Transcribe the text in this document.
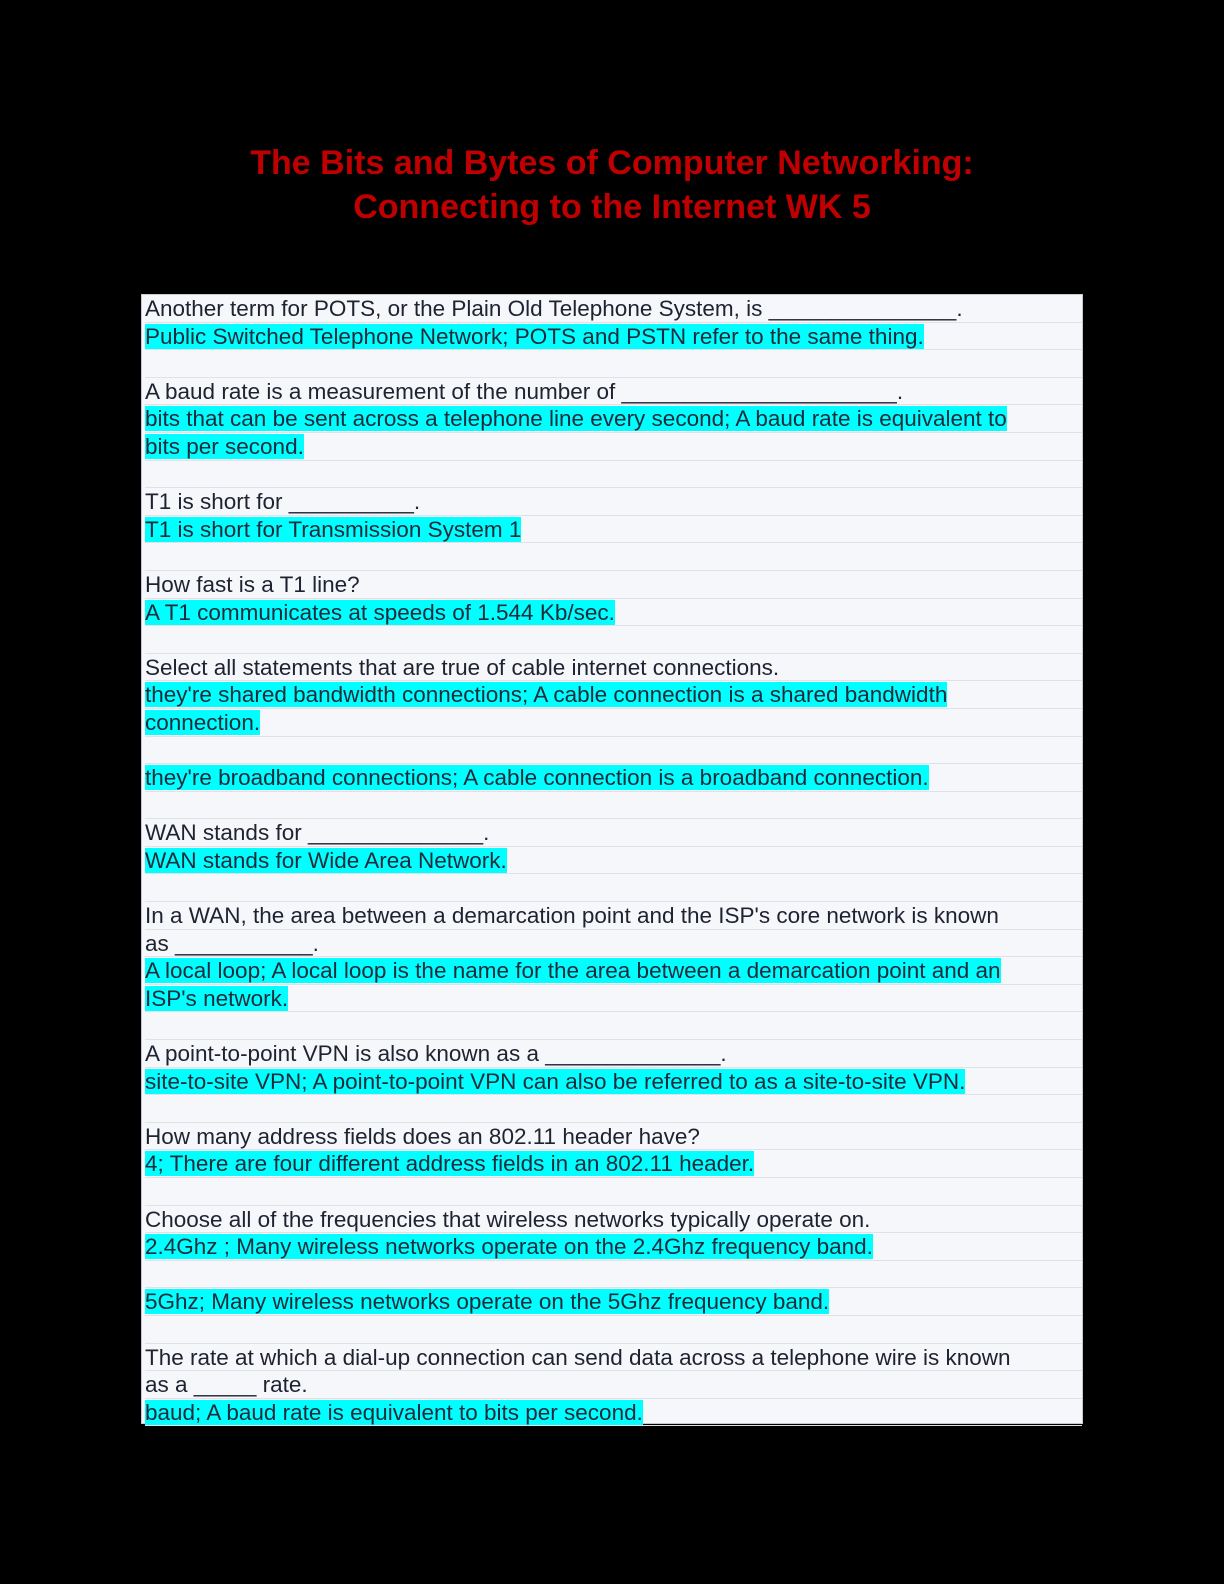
The Bits and Bytes of Computer Networking:
Connecting to the Internet WK 5
Another term for POTS, or the Plain Old Telephone System, is _______________.
Public Switched Telephone Network; POTS and PSTN refer to the same thing.
A baud rate is a measurement of the number of ______________________.
bits that can be sent across a telephone line every second; A baud rate is equivalent to
bits per second.
T1 is short for __________.
T1 is short for Transmission System 1
How fast is a T1 line?
A T1 communicates at speeds of 1.544 Kb/sec.
Select all statements that are true of cable internet connections.
they're shared bandwidth connections; A cable connection is a shared bandwidth
connection.
they're broadband connections; A cable connection is a broadband connection.
WAN stands for ______________.
WAN stands for Wide Area Network.
In a WAN, the area between a demarcation point and the ISP's core network is known
as ___________.
A local loop; A local loop is the name for the area between a demarcation point and an
ISP's network.
A point-to-point VPN is also known as a ______________.
site-to-site VPN; A point-to-point VPN can also be referred to as a site-to-site VPN.
How many address fields does an 802.11 header have?
4; There are four different address fields in an 802.11 header.
Choose all of the frequencies that wireless networks typically operate on.
2.4Ghz ; Many wireless networks operate on the 2.4Ghz frequency band.
5Ghz; Many wireless networks operate on the 5Ghz frequency band.
The rate at which a dial-up connection can send data across a telephone wire is known
as a _____ rate.
baud; A baud rate is equivalent to bits per second.
